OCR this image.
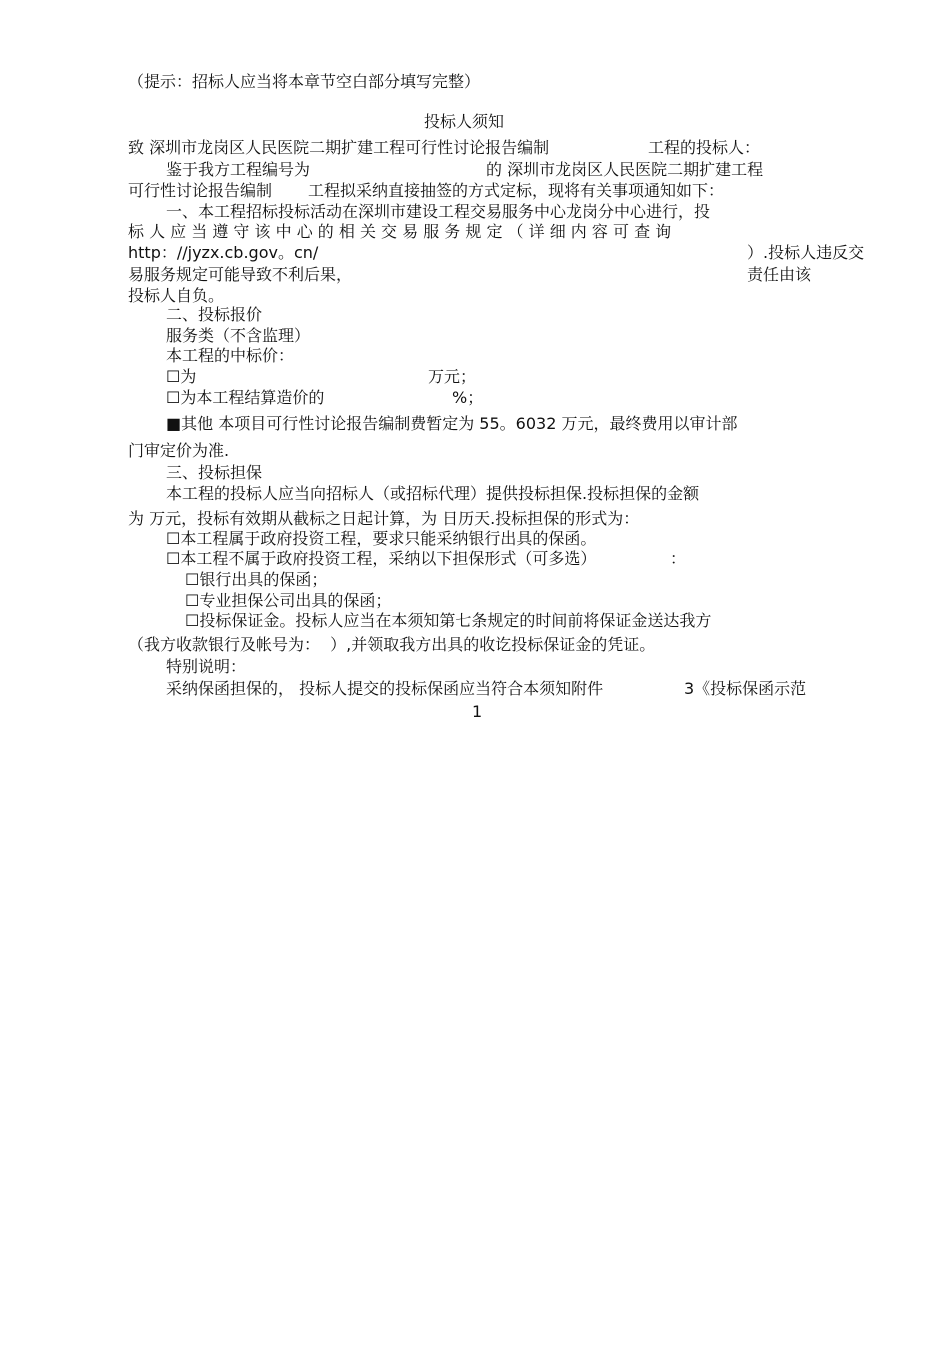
（提示：招标人应当将本章节空白部分填写完整）
投标人须知
致 深圳市龙岗区人民医院二期扩建工程可行性讨论报告编制	工程的投标人：
鉴于我方工程编号为	的 深圳市龙岗区人民医院二期扩建工程
可行性讨论报告编制 工程拟采纳直接抽签的方式定标，现将有关事项通知如下：
一、本工程招标投标活动在深圳市建设工程交易服务中心龙岗分中心进行，投
标 人 应 当 遵 守 该 中 心 的 相 关 交 易 服 务 规 定 （ 详 细 内 容 可 查 询
http：//jyzx.cb.gov。cn/	）.投标人违反交
易服务规定可能导致不利后果，	责任由该
投标人自负。
二、投标报价
服务类（不含监理）
本工程的中标价：
☐为	万元；
☐为本工程结算造价的	%；
■其他 本项目可行性讨论报告编制费暂定为 55。6032 万元，最终费用以审计部
门审定价为准.
三、投标担保
本工程的投标人应当向招标人（或招标代理）提供投标担保.投标担保的金额
为 万元，投标有效期从截标之日起计算，为 日历天.投标担保的形式为：
☐本工程属于政府投资工程，要求只能采纳银行出具的保函。
☐本工程不属于政府投资工程，采纳以下担保形式（可多选）	：
☐银行出具的保函；
☐专业担保公司出具的保函；
☐投标保证金。投标人应当在本须知第七条规定的时间前将保证金送达我方
（我方收款银行及帐号为：  ）,并领取我方出具的收讫投标保证金的凭证。
特别说明：
采纳保函担保的， 投标人提交的投标保函应当符合本须知附件	3《投标保函示范
1
